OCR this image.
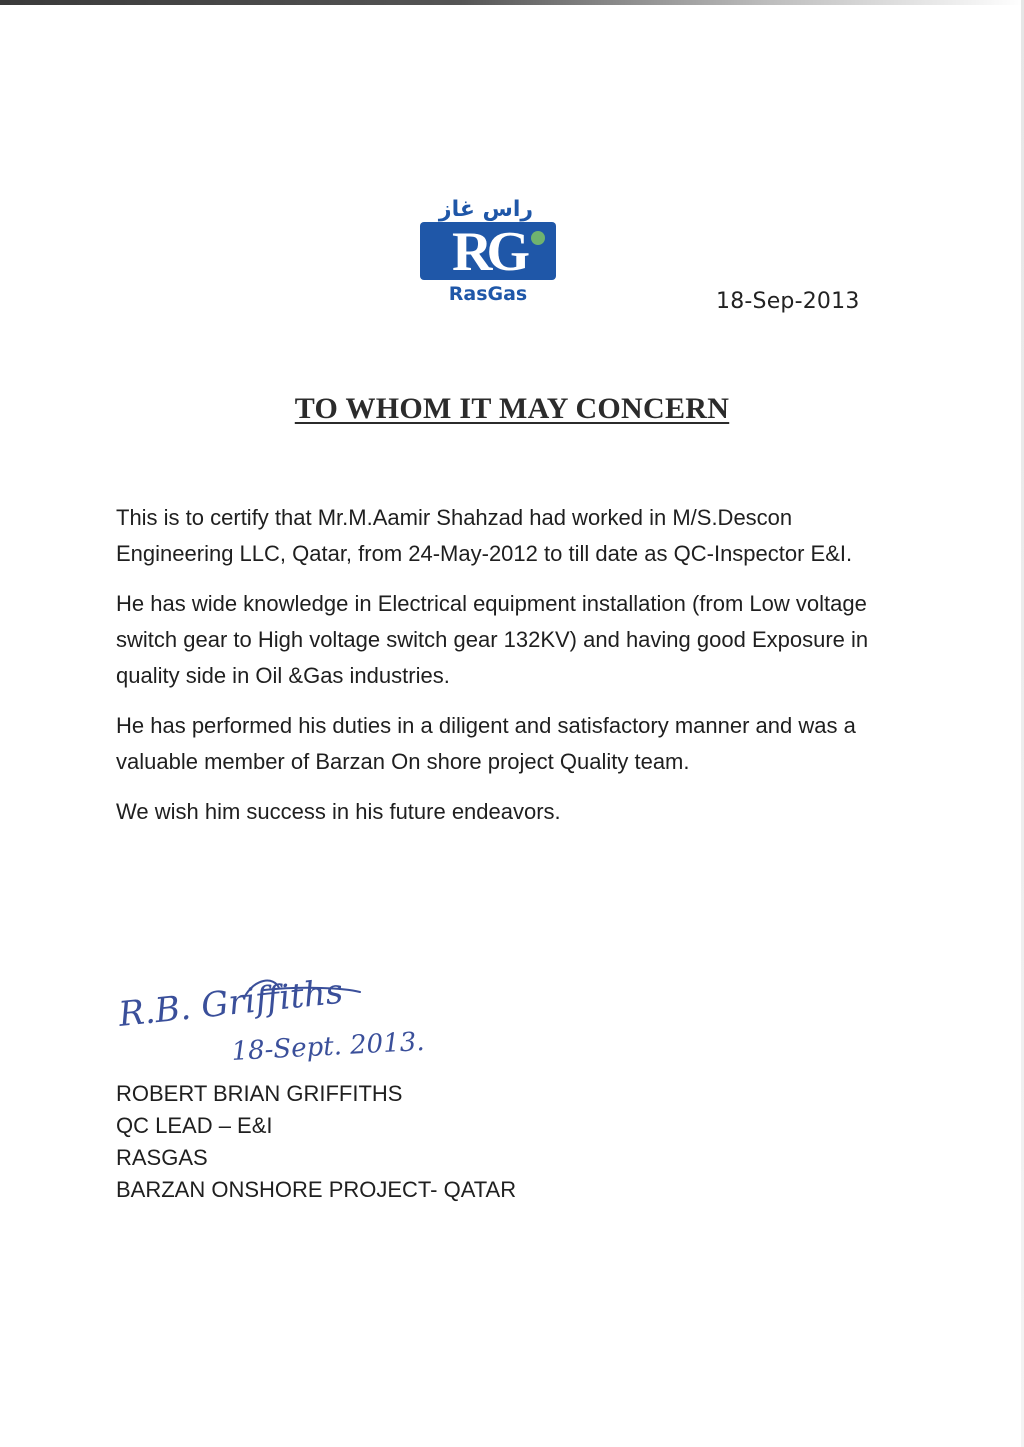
راس غاز
RG
RasGas	18-Sep-2013
TO WHOM IT MAY CONCERN

This is to certify that Mr.M.Aamir Shahzad had worked in M/S.Descon Engineering LLC, Qatar, from 24-May-2012 to till date as QC-Inspector E&I.

He has wide knowledge in Electrical equipment installation (from Low voltage switch gear to High voltage switch gear 132KV) and having good Exposure in quality side in Oil &Gas industries.

He has performed his duties in a diligent and satisfactory manner and was a valuable member of Barzan On shore project Quality team.

We wish him success in his future endeavors.

R.B. Griffiths
18-Sept. 2013.
ROBERT BRIAN GRIFFITHS
QC LEAD – E&I
RASGAS
BARZAN ONSHORE PROJECT- QATAR
